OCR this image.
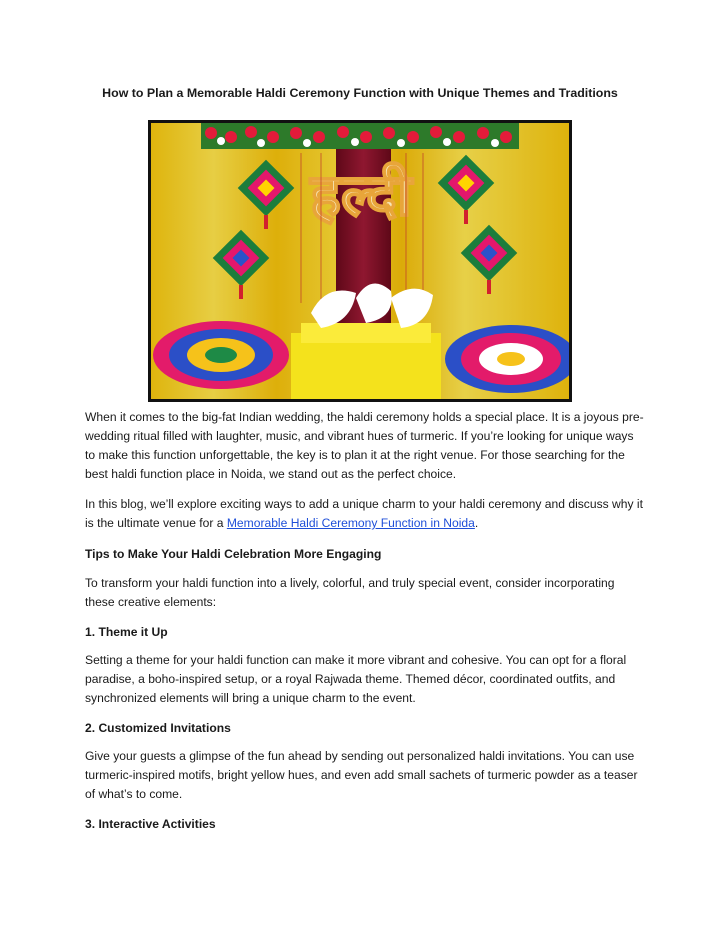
How to Plan a Memorable Haldi Ceremony Function with Unique Themes and Traditions
हल्दी
When it comes to the big-fat Indian wedding, the haldi ceremony holds a special place. It is a joyous pre-wedding ritual filled with laughter, music, and vibrant hues of turmeric. If you’re looking for unique ways to make this function unforgettable, the key is to plan it at the right venue. For those searching for the best haldi function place in Noida, we stand out as the perfect choice.
In this blog, we’ll explore exciting ways to add a unique charm to your haldi ceremony and discuss why it is the ultimate venue for a Memorable Haldi Ceremony Function in Noida.
Tips to Make Your Haldi Celebration More Engaging
To transform your haldi function into a lively, colorful, and truly special event, consider incorporating these creative elements:
1. Theme it Up
Setting a theme for your haldi function can make it more vibrant and cohesive. You can opt for a floral paradise, a boho-inspired setup, or a royal Rajwada theme. Themed décor, coordinated outfits, and synchronized elements will bring a unique charm to the event.
2. Customized Invitations
Give your guests a glimpse of the fun ahead by sending out personalized haldi invitations. You can use turmeric-inspired motifs, bright yellow hues, and even add small sachets of turmeric powder as a teaser of what’s to come.
3. Interactive Activities
